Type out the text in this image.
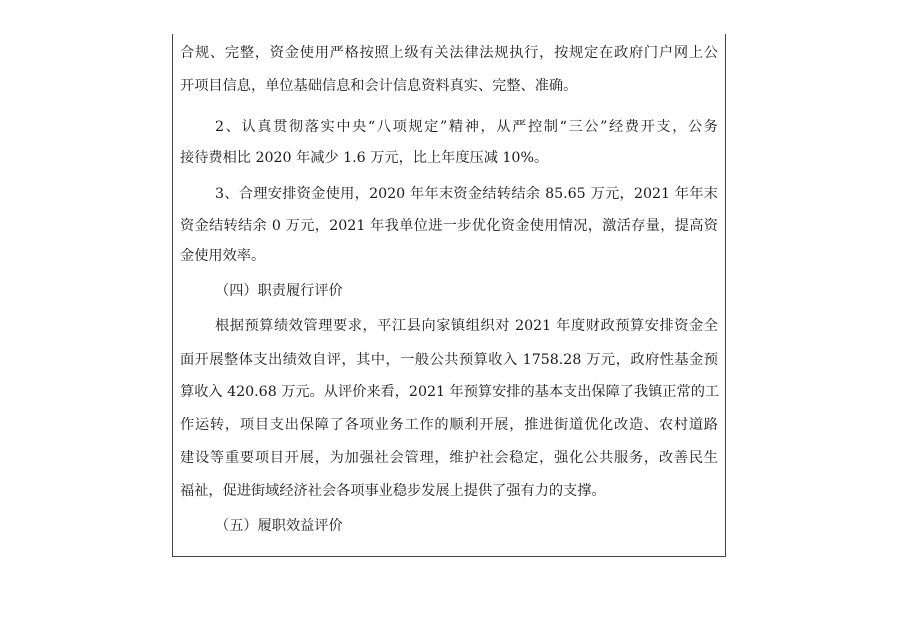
合规、完整，资金使用严格按照上级有关法律法规执行，按规定在政府门户网上公
开项目信息，单位基础信息和会计信息资料真实、完整、准确。
2、认真贯彻落实中央“八项规定”精神，从严控制“三公”经费开支，公务
接待费相比 2020 年减少 1.6 万元，比上年度压减 10%。
3、合理安排资金使用，2020 年年末资金结转结余 85.65 万元，2021 年年末
资金结转结余 0 万元，2021 年我单位进一步优化资金使用情况，激活存量，提高资
金使用效率。
（四）职责履行评价
根据预算绩效管理要求，平江县向家镇组织对 2021 年度财政预算安排资金全
面开展整体支出绩效自评，其中，一般公共预算收入 1758.28 万元，政府性基金预
算收入 420.68 万元。从评价来看，2021 年预算安排的基本支出保障了我镇正常的工
作运转，项目支出保障了各项业务工作的顺利开展，推进街道优化改造、农村道路
建设等重要项目开展，为加强社会管理，维护社会稳定，强化公共服务，改善民生
福祉，促进街域经济社会各项事业稳步发展上提供了强有力的支撑。
（五）履职效益评价
